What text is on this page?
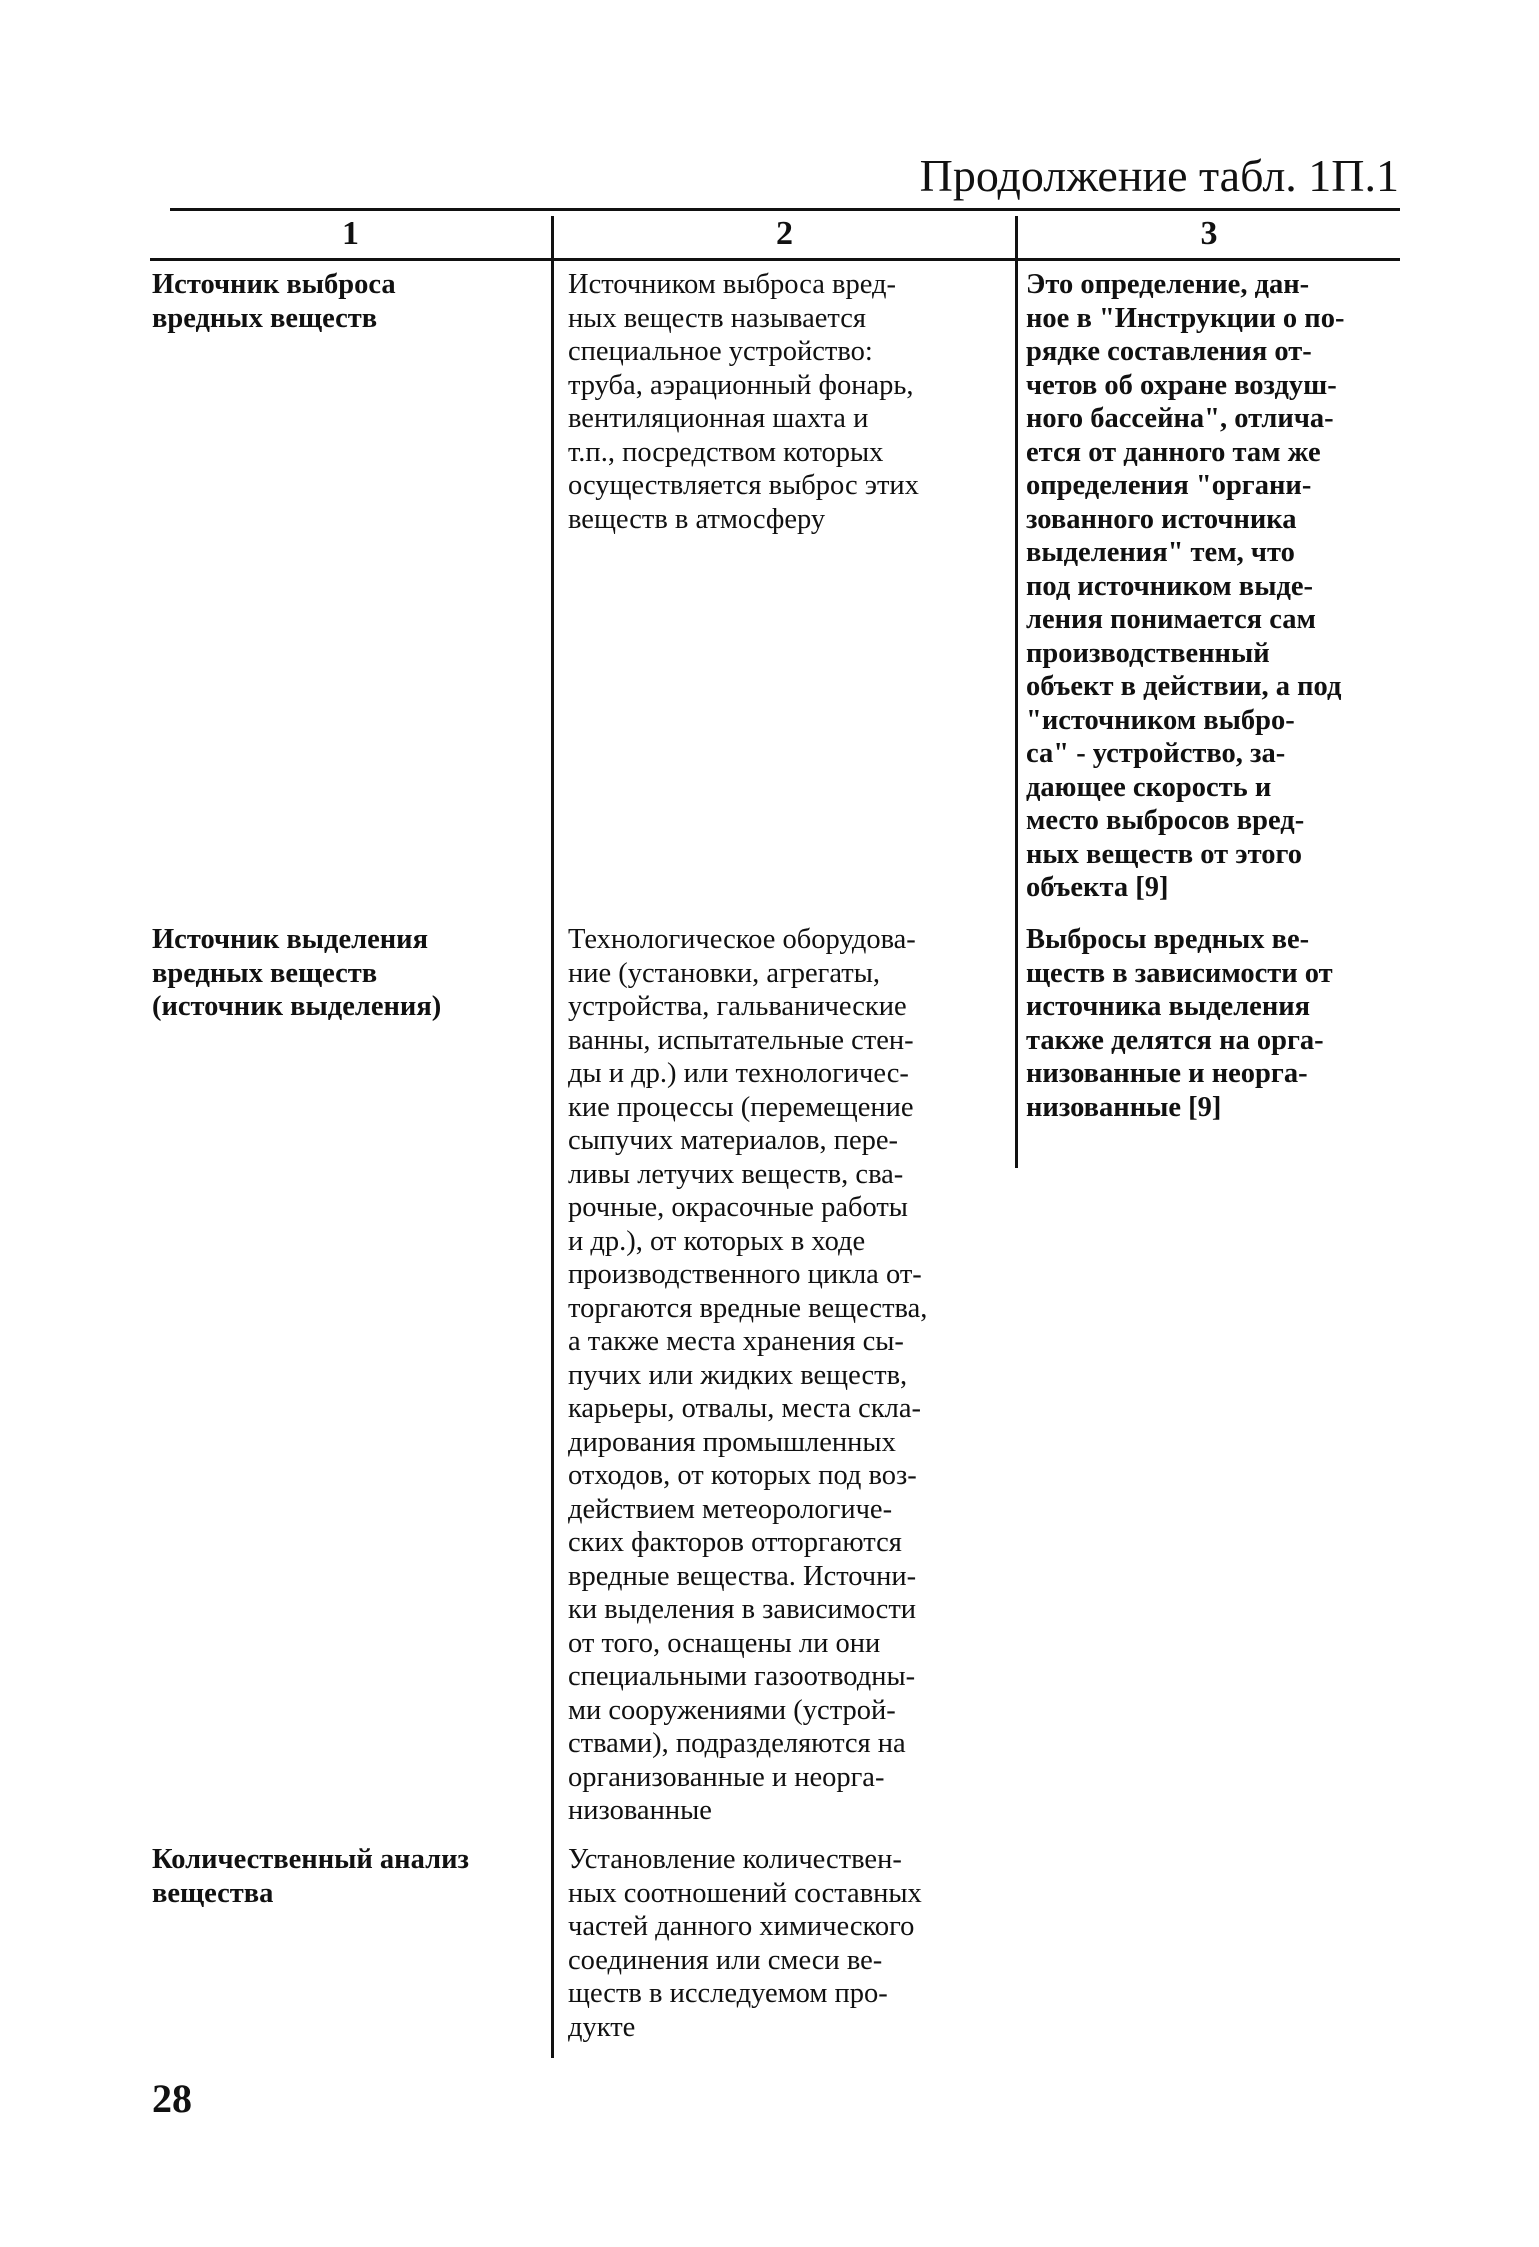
Продолжение табл. 1П.1
1	2	3
Источник выброса
вредных веществ
Источником выброса вред-
ных веществ называется
специальное устройство:
труба, аэрационный фонарь,
вентиляционная шахта и
т.п., посредством которых
осуществляется выброс этих
веществ в атмосферу
Это определение, дан-
ное в "Инструкции о по-
рядке составления от-
четов об охране воздуш-
ного бассейна", отлича-
ется от данного там же
определения "органи-
зованного источника
выделения" тем, что
под источником выде-
ления понимается сам
производственный
объект в действии, а под
"источником выбро-
са" - устройство, за-
дающее скорость и
место выбросов вред-
ных веществ от этого
объекта [9]
Источник выделения
вредных веществ
(источник выделения)
Технологическое оборудова-
ние (установки, агрегаты,
устройства, гальванические
ванны, испытательные стен-
ды и др.) или технологичес-
кие процессы (перемещение
сыпучих материалов, пере-
ливы летучих веществ, сва-
рочные, окрасочные работы
и др.), от которых в ходе
производственного цикла от-
торгаются вредные вещества,
а также места хранения сы-
пучих или жидких веществ,
карьеры, отвалы, места скла-
дирования промышленных
отходов, от которых под воз-
действием метеорологиче-
ских факторов отторгаются
вредные вещества. Источни-
ки выделения в зависимости
от того, оснащены ли они
специальными газоотводны-
ми сооружениями (устрой-
ствами), подразделяются на
организованные и неорга-
низованные
Выбросы вредных ве-
ществ в зависимости от
источника выделения
также делятся на орга-
низованные и неорга-
низованные [9]
Количественный анализ
вещества
Установление количествен-
ных соотношений составных
частей данного химического
соединения или смеси ве-
ществ в исследуемом про-
дукте
28
